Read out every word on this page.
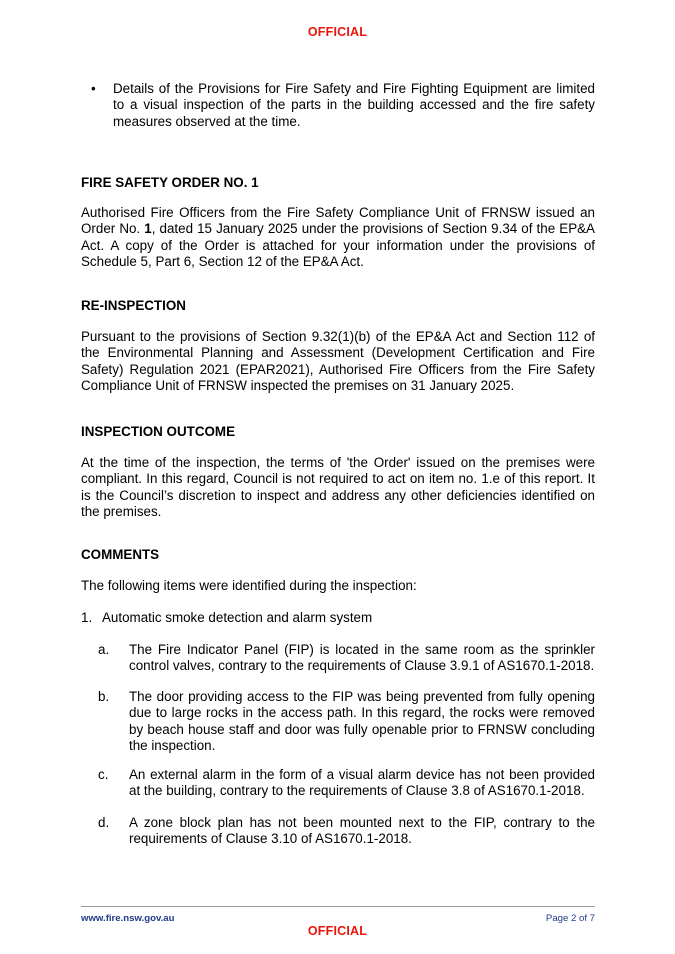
OFFICIAL
• Details of the Provisions for Fire Safety and Fire Fighting Equipment are limited to a visual inspection of the parts in the building accessed and the fire safety measures observed at the time.

FIRE SAFETY ORDER NO. 1

Authorised Fire Officers from the Fire Safety Compliance Unit of FRNSW issued an Order No. 1, dated 15 January 2025 under the provisions of Section 9.34 of the EP&A Act. A copy of the Order is attached for your information under the provisions of Schedule 5, Part 6, Section 12 of the EP&A Act.

RE-INSPECTION

Pursuant to the provisions of Section 9.32(1)(b) of the EP&A Act and Section 112 of the Environmental Planning and Assessment (Development Certification and Fire Safety) Regulation 2021 (EPAR2021), Authorised Fire Officers from the Fire Safety Compliance Unit of FRNSW inspected the premises on 31 January 2025.

INSPECTION OUTCOME

At the time of the inspection, the terms of 'the Order' issued on the premises were compliant. In this regard, Council is not required to act on item no. 1.e of this report. It is the Council’s discretion to inspect and address any other deficiencies identified on the premises.

COMMENTS

The following items were identified during the inspection:

1. Automatic smoke detection and alarm system
a. The Fire Indicator Panel (FIP) is located in the same room as the sprinkler control valves, contrary to the requirements of Clause 3.9.1 of AS1670.1-2018.

b. The door providing access to the FIP was being prevented from fully opening due to large rocks in the access path. In this regard, the rocks were removed by beach house staff and door was fully openable prior to FRNSW concluding the inspection.

c. An external alarm in the form of a visual alarm device has not been provided at the building, contrary to the requirements of Clause 3.8 of AS1670.1-2018.

d. A zone block plan has not been mounted next to the FIP, contrary to the requirements of Clause 3.10 of AS1670.1-2018.

www.fire.nsw.gov.au	Page 2 of 7
OFFICIAL
